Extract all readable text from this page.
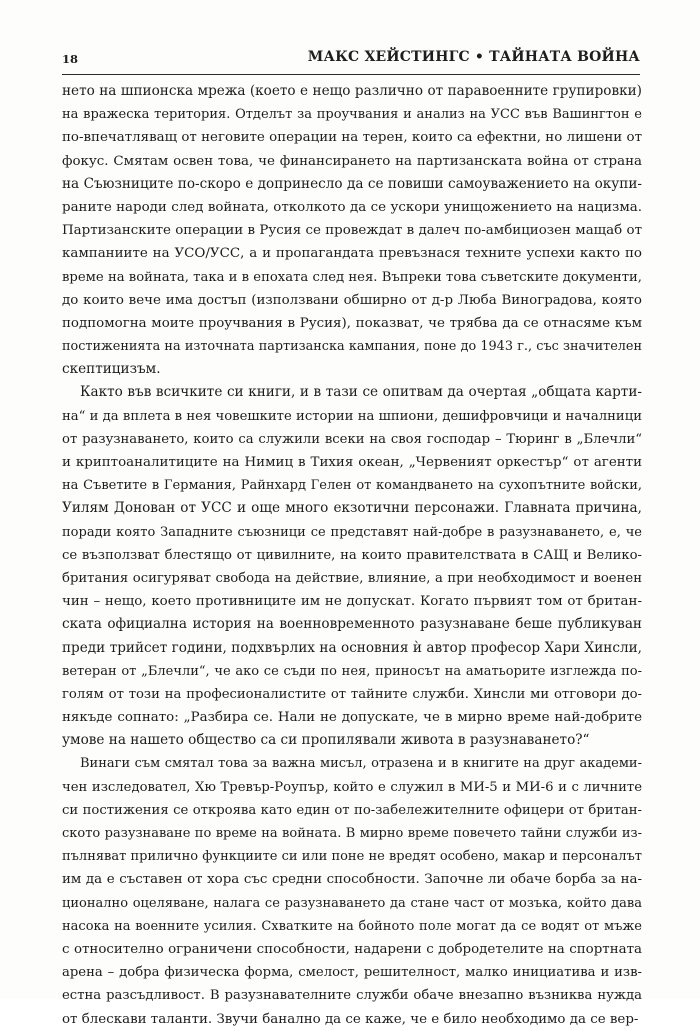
18	МАКС ХЕЙСТИНГС • ТАЙНАТА ВОЙНА
нето на шпионска мрежа (което е нещо различно от паравоенните групировки)
на вражеска територия. Отделът за проучвания и анализ на УСС във Вашингтон е
по-впечатляващ от неговите операции на терен, които са ефектни, но лишени от
фокус. Смятам освен това, че финансирането на партизанската война от страна
на Съюзниците по-скоро е допринесло да се повиши самоуважението на окупи-
раните народи след войната, отколкото да се ускори унищожението на нацизма.
Партизанските операции в Русия се провеждат в далеч по-амбициозен мащаб от
кампаниите на УСО/УСС, а и пропагандата превъзнася техните успехи както по
време на войната, така и в епохата след нея. Въпреки това съветските документи,
до които вече има достъп (използвани обширно от д-р Люба Виноградова, която
подпомогна моите проучвания в Русия), показват, че трябва да се отнасяме към
постиженията на източната партизанска кампания, поне до 1943 г., със значителен
скептицизъм.
Както във всичките си книги, и в тази се опитвам да очертая „общата карти-
на“ и да вплета в нея човешките истории на шпиони, дешифровчици и началници
от разузнаването, които са служили всеки на своя господар – Тюринг в „Блечли“
и криптоаналитиците на Нимиц в Тихия океан, „Червеният оркестър“ от агенти
на Съветите в Германия, Райнхард Гелен от командването на сухопътните войски,
Уилям Донован от УСС и още много екзотични персонажи. Главната причина,
поради която Западните съюзници се представят най-добре в разузнаването, е, че
се възползват блестящо от цивилните, на които правителствата в САЩ и Велико-
британия осигуряват свобода на действие, влияние, а при необходимост и военен
чин – нещо, което противниците им не допускат. Когато първият том от британ-
ската официална история на военновременното разузнаване беше публикуван
преди трийсет години, подхвърлих на основния ѝ автор професор Хари Хинсли,
ветеран от „Блечли“, че ако се съди по нея, приносът на аматьорите изглежда по-
голям от този на професионалистите от тайните служби. Хинсли ми отговори до-
някъде сопнато: „Разбира се. Нали не допускате, че в мирно време най-добрите
умове на нашето общество са си пропилявали живота в разузнаването?“
Винаги съм смятал това за важна мисъл, отразена и в книгите на друг академи-
чен изследовател, Хю Тревър-Роупър, който е служил в МИ-5 и МИ-6 и с личните
си постижения се откроява като един от по-забележителните офицери от британ-
ското разузнаване по време на войната. В мирно време повечето тайни служби из-
пълняват прилично функциите си или поне не вредят особено, макар и персоналът
им да е съставен от хора със средни способности. Започне ли обаче борба за на-
ционално оцеляване, налага се разузнаването да стане част от мозъка, който дава
насока на военните усилия. Схватките на бойното поле могат да се водят от мъже
с относително ограничени способности, надарени с добродетелите на спортната
арена – добра физическа форма, смелост, решителност, малко инициатива и изв-
естна разсъдливост. В разузнавателните служби обаче внезапно възниква нужда
от блескави таланти. Звучи банално да се каже, че е било необходимо да се вер-
